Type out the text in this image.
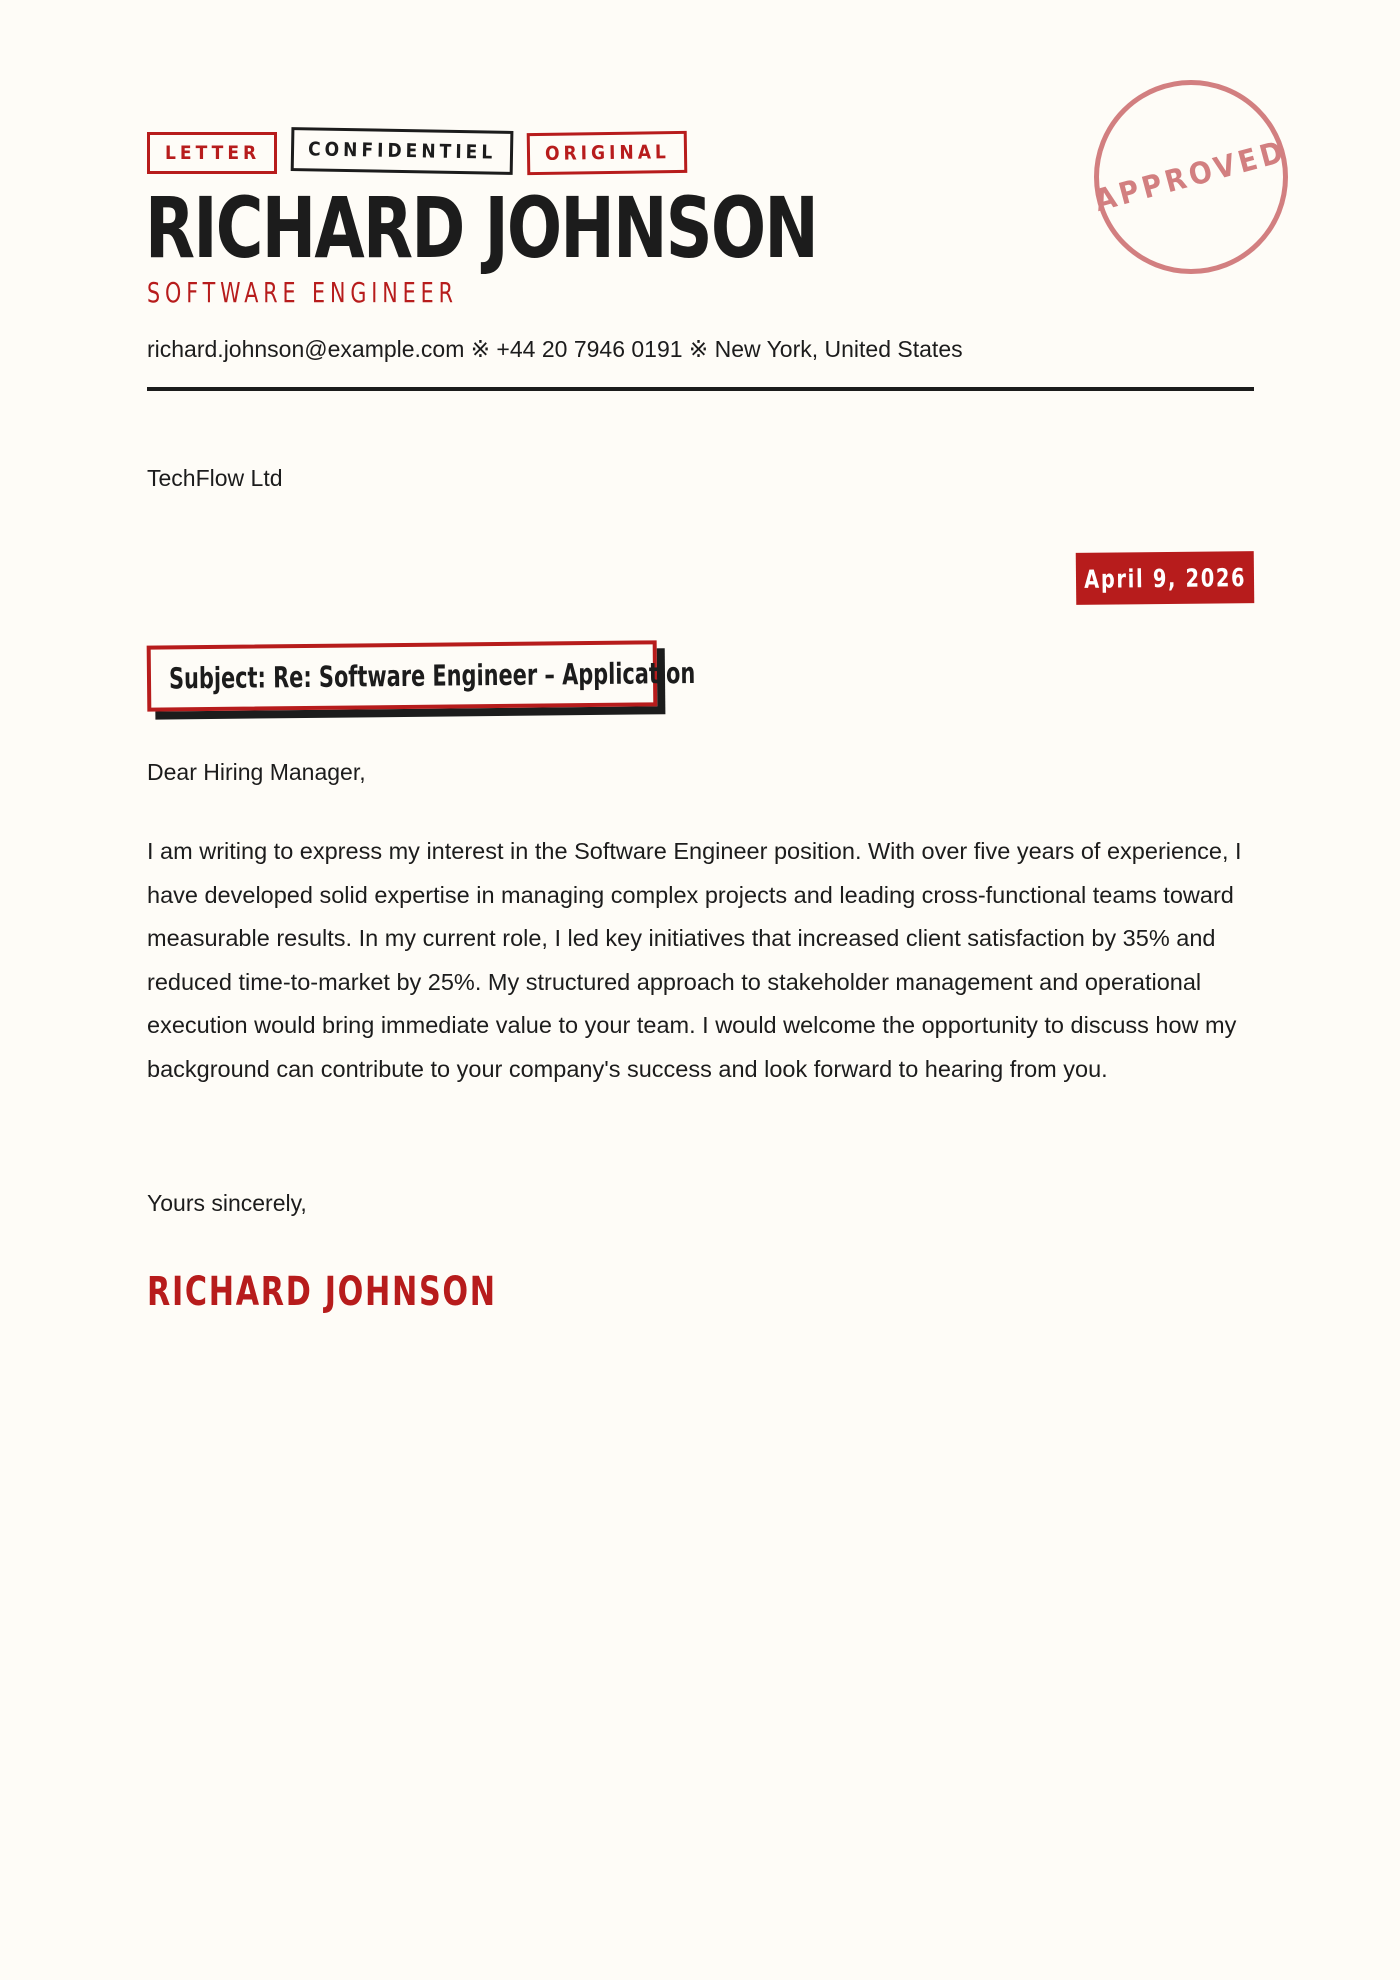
LETTER	CONFIDENTIEL	ORIGINAL
RICHARD JOHNSON
SOFTWARE ENGINEER
richard.johnson@example.com ※ +44 20 7946 0191 ※ New York, United States
APPROVED
TechFlow Ltd
April 9, 2026
Subject: Re: Software Engineer – Application
Dear Hiring Manager,
I am writing to express my interest in the Software Engineer position. With over five years of experience, I have developed solid expertise in managing complex projects and leading cross-functional teams toward measurable results. In my current role, I led key initiatives that increased client satisfaction by 35% and reduced time-to-market by 25%. My structured approach to stakeholder management and operational execution would bring immediate value to your team. I would welcome the opportunity to discuss how my background can contribute to your company's success and look forward to hearing from you.
Yours sincerely,
RICHARD JOHNSON
